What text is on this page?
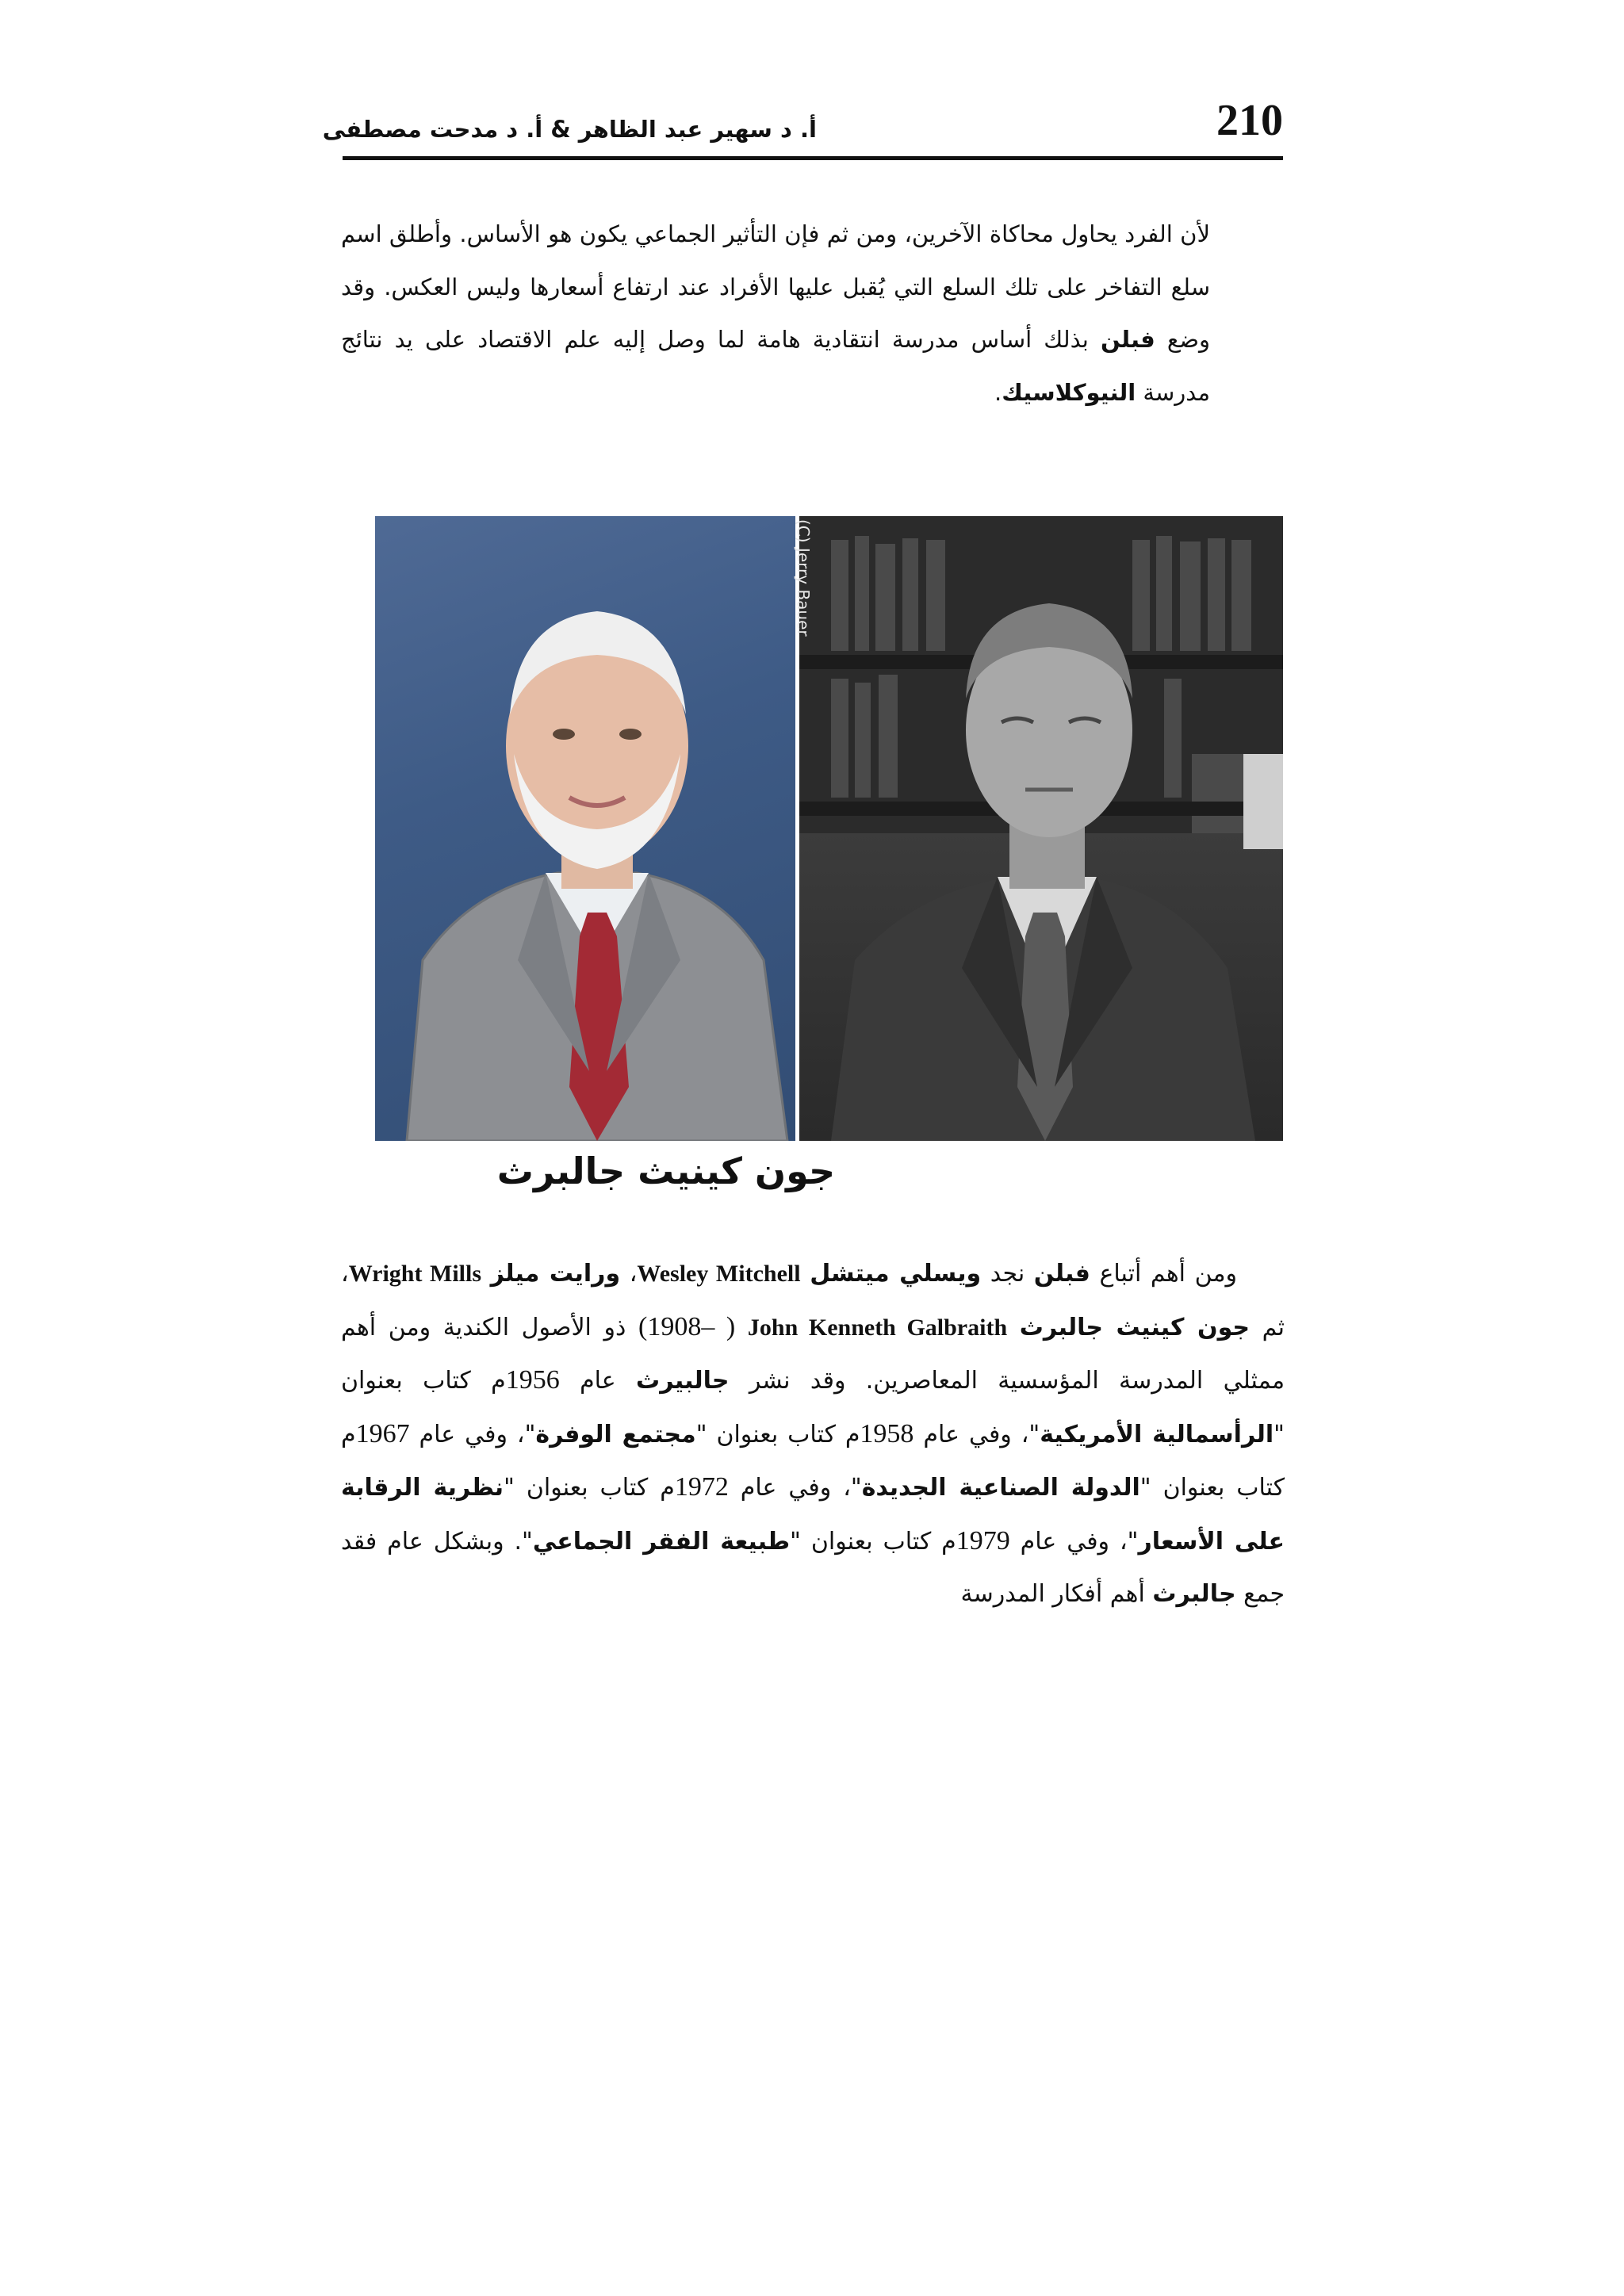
210
أ. د سهير عبد الظاهر & أ. د مدحت مصطفى

لأن الفرد يحاول محاكاة الآخرين، ومن ثم فإن التأثير الجماعي يكون هو الأساس. وأطلق اسم سلع التفاخر على تلك السلع التي يُقبل عليها الأفراد عند ارتفاع أسعارها وليس العكس. وقد وضع فبلن بذلك أساس مدرسة انتقادية هامة لما وصل إليه علم الاقتصاد على يد نتائج مدرسة النيوكلاسيك.

(C) Jerry Bauer
جون كينيث جالبرث

ومن أهم أتباع فبلن نجد ويسلي ميتشل Wesley Mitchell، ورايت ميلز Wright Mills، ثم جون كينيث جالبرث John Kenneth Galbraith (1908– ) ذو الأصول الكندية ومن أهم ممثلي المدرسة المؤسسية المعاصرين. وقد نشر جالبيرث عام 1956م كتاب بعنوان "الرأسمالية الأمريكية"، وفي عام 1958م كتاب بعنوان "مجتمع الوفرة"، وفي عام 1967م كتاب بعنوان "الدولة الصناعية الجديدة"، وفي عام 1972م كتاب بعنوان "نظرية الرقابة على الأسعار"، وفي عام 1979م كتاب بعنوان "طبيعة الفقر الجماعي". وبشكل عام فقد جمع جالبرث أهم أفكار المدرسة
